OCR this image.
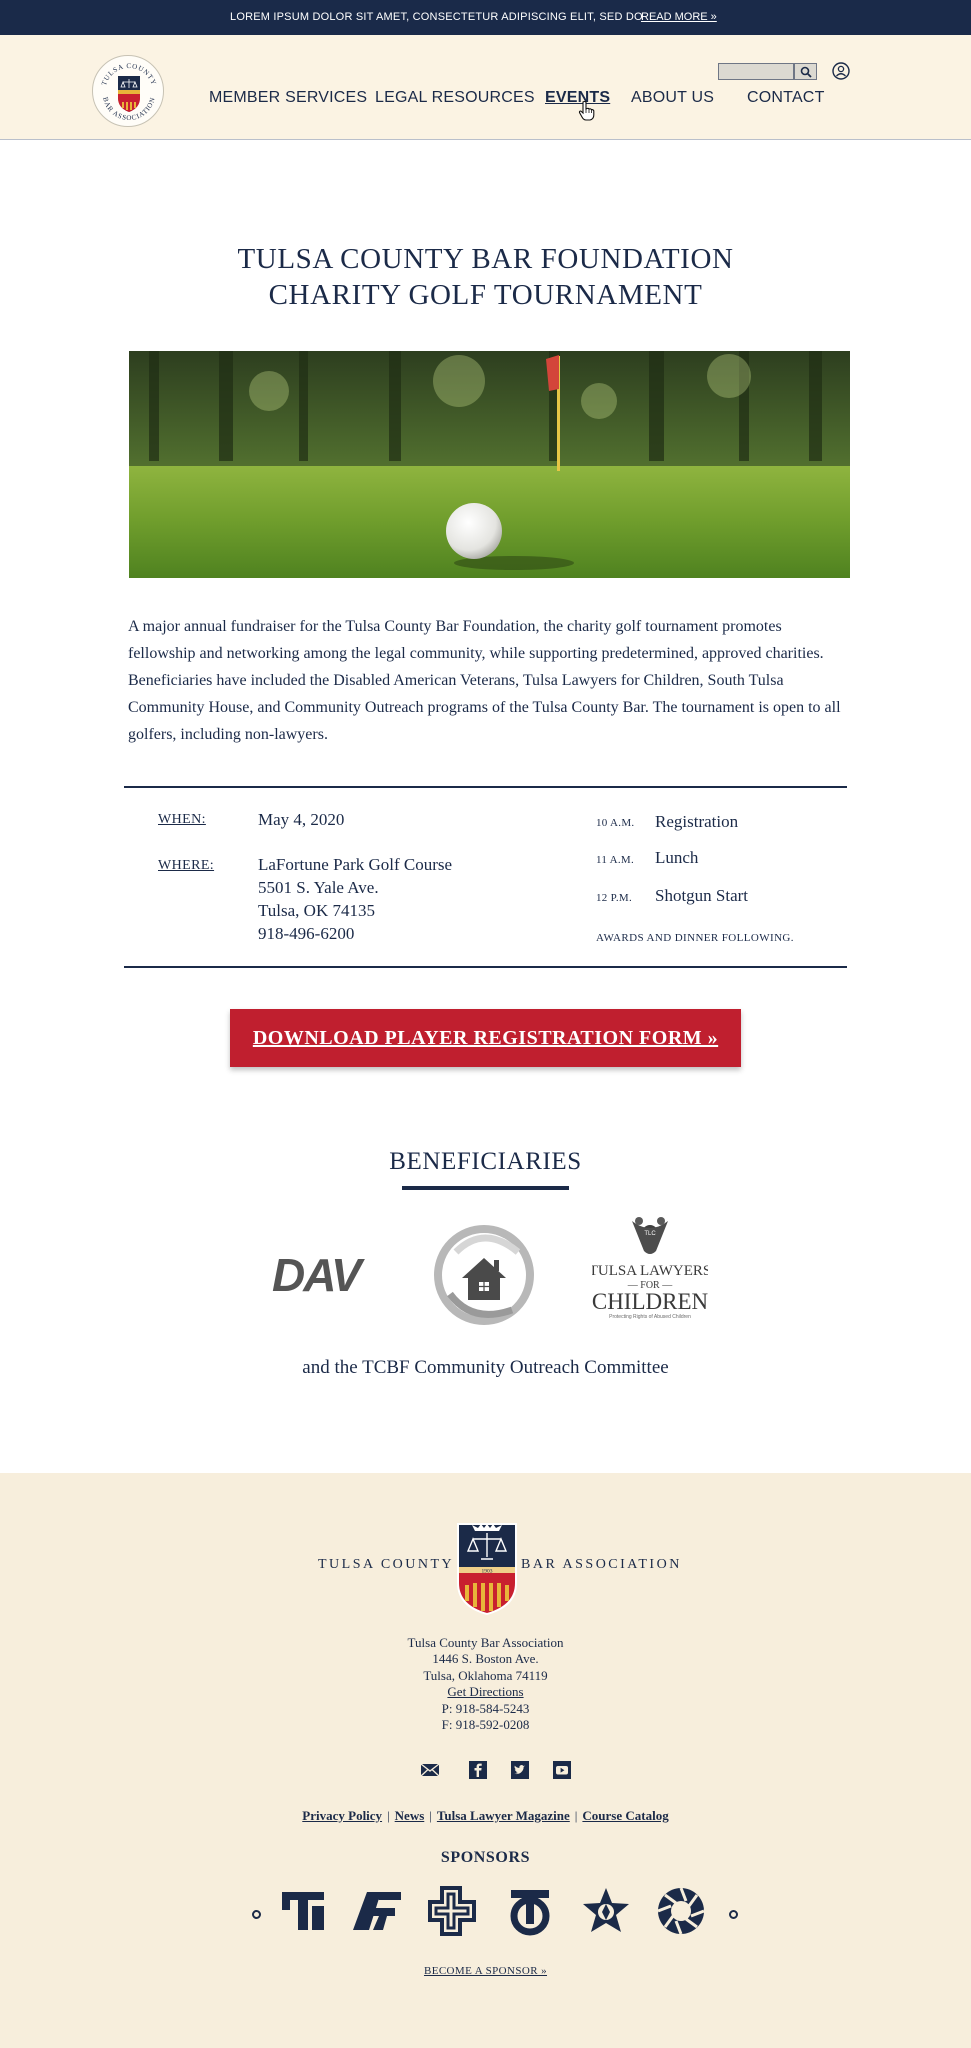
LOREM IPSUM DOLOR SIT AMET, CONSECTETUR ADIPISCING ELIT, SED DO
READ MORE »
TULSA COUNTY
BAR ASSOCIATION	MEMBER SERVICES LEGAL RESOURCES EVENTS ABOUT US CONTACT
TULSA COUNTY BAR FOUNDATION
CHARITY GOLF TOURNAMENT

A major annual fundraiser for the Tulsa County Bar Foundation, the charity golf tournament promotes fellowship and networking among the legal community, while supporting predetermined, approved charities. Beneficiaries have included the Disabled American Veterans, Tulsa Lawyers for Children, South Tulsa Community House, and Community Outreach programs of the Tulsa County Bar. The tournament is open to all golfers, including non-lawyers.

WHEN:	May 4, 2020
WHERE:	LaFortune Park Golf Course
5501 S. Yale Ave.
Tulsa, OK 74135
918-496-6200
10 A.M. Registration
11 A.M. Lunch
12 P.M. Shotgun Start
AWARDS AND DINNER FOLLOWING.
DOWNLOAD PLAYER REGISTRATION FORM »
BENEFICIARIES
DAV
TLC
TULSA LAWYERS
— FOR —
CHILDREN
Protecting Rights of Abused Children
and the TCBF Community Outreach Committee
TULSA COUNTY	1903 BAR ASSOCIATION
Tulsa County Bar Association
1446 S. Boston Ave.
Tulsa, Oklahoma 74119
Get Directions
P: 918-584-5243
F: 918-592-0208
Privacy Policy | News | Tulsa Lawyer Magazine | Course Catalog
SPONSORS
BECOME A SPONSOR »
